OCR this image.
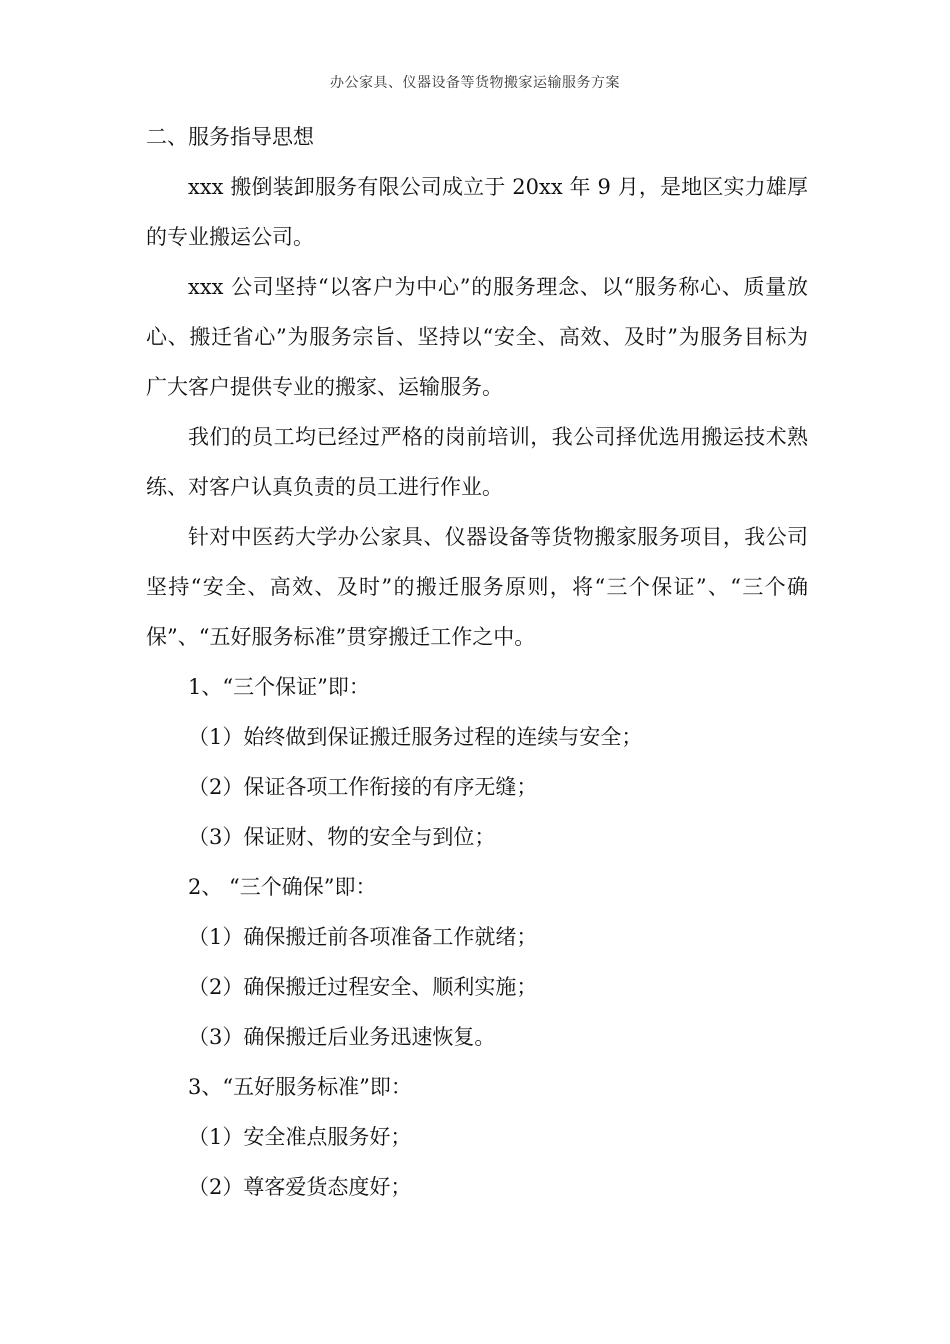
办公家具、仪器设备等货物搬家运输服务方案

二、服务指导思想

xxx 搬倒装卸服务有限公司成立于 20xx 年 9 月，是地区实力雄厚的专业搬运公司。

xxx 公司坚持“以客户为中心”的服务理念、以“服务称心、质量放心、搬迁省心”为服务宗旨、坚持以“安全、高效、及时”为服务目标为广大客户提供专业的搬家、运输服务。

我们的员工均已经过严格的岗前培训，我公司择优选用搬运技术熟练、对客户认真负责的员工进行作业。

针对中医药大学办公家具、仪器设备等货物搬家服务项目，我公司坚持“安全、高效、及时”的搬迁服务原则，将“三个保证”、“三个确保”、“五好服务标准”贯穿搬迁工作之中。

1、“三个保证”即：

（1）始终做到保证搬迁服务过程的连续与安全；

（2）保证各项工作衔接的有序无缝；

（3）保证财、物的安全与到位；

2、 “三个确保”即：

（1）确保搬迁前各项准备工作就绪；

（2）确保搬迁过程安全、顺利实施；

（3）确保搬迁后业务迅速恢复。

3、“五好服务标准”即：

（1）安全准点服务好；

（2）尊客爱货态度好；
